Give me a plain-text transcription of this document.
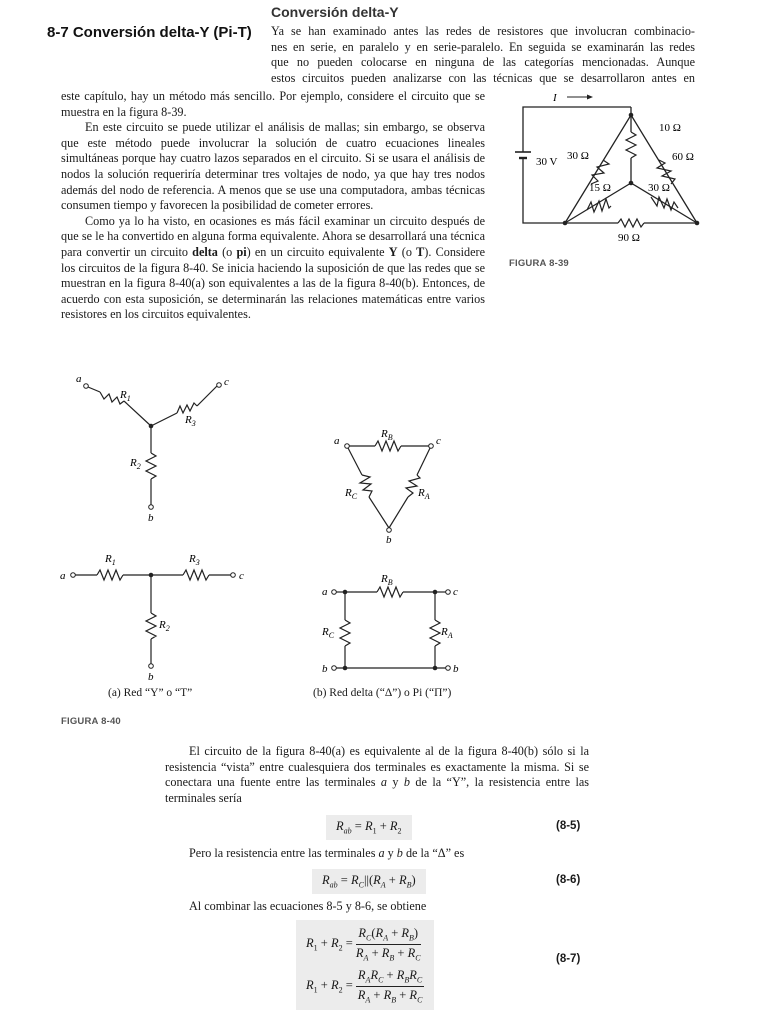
Conversión delta-Y
8-7 Conversión delta-Y (Pi-T) Ya se han examinado antes las redes de resistores que involucran combinacio-

nes en serie, en paralelo y en serie-paralelo. En seguida se examinarán las redes

que no pueden colocarse en ninguna de las categorías mencionadas. Aunque

estos circuitos pueden analizarse con las técnicas que se desarrollaron antes en

este capítulo, hay un método más sencillo. Por ejemplo, considere el circuito que se muestra en la figura 8-39.

En este circuito se puede utilizar el análisis de mallas; sin embargo, se observa que este método puede involucrar la solución de cuatro ecuaciones lineales simultáneas porque hay cuatro lazos separados en el circuito. Si se usara el análisis de nodos la solución requeriría determinar tres voltajes de nodo, ya que hay tres nodos además del nodo de referencia. A menos que se use una computadora, ambas técnicas consumen tiempo y favorecen la posibilidad de cometer errores.

Como ya lo ha visto, en ocasiones es más fácil examinar un circuito después de que se le ha convertido en alguna forma equivalente. Ahora se desarrollará una técnica para convertir un circuito delta (o pi) en un circuito equivalente Y (o T). Considere los circuitos de la figura 8-40. Se inicia haciendo la suposición de que las redes que se muestran en la figura 8-40(a) son equivalentes a las de la figura 8-40(b). Entonces, de acuerdo con esta suposición, se determinarán las relaciones matemáticas entre varios resistores en los circuitos equivalentes.

I
30 V
10 Ω
30 Ω	60 Ω
15 Ω	30 Ω
90 Ω
FIGURA 8-39
a	c
b
$R_1$
$R_3$
$R_2$
a	c
b
$R_1$	$R_3$
$R_2$
a	c
b
$R_B$
$R_C$	$R_A$
a	c
b	b
$R_B$
$R_C$	$R_A$
(a) Red “Y” o “T”	(b) Red delta (“Δ”) o Pi (“Π”)
FIGURA 8-40

El circuito de la figura 8-40(a) es equivalente al de la figura 8-40(b) sólo si la resistencia “vista” entre cualesquiera dos terminales es exactamente la misma. Si se conectara una fuente entre las terminales a y b de la “Y”, la resistencia entre las terminales sería

$R_{ab} = R_1 + R_2$	(8-5)

Pero la resistencia entre las terminales a y b de la “Δ” es

$R_{ab} = R_C||(R_A + R_B)$	(8-6)

Al combinar las ecuaciones 8-5 y 8-6, se obtiene

$R_1 + R_2 = \frac{R_C(R_A + R_B)}{R_A + R_B + R_C}$
$R_1 + R_2 = \frac{R_AR_C + R_BR_C}{R_A + R_B + R_C}$
(8-7)
